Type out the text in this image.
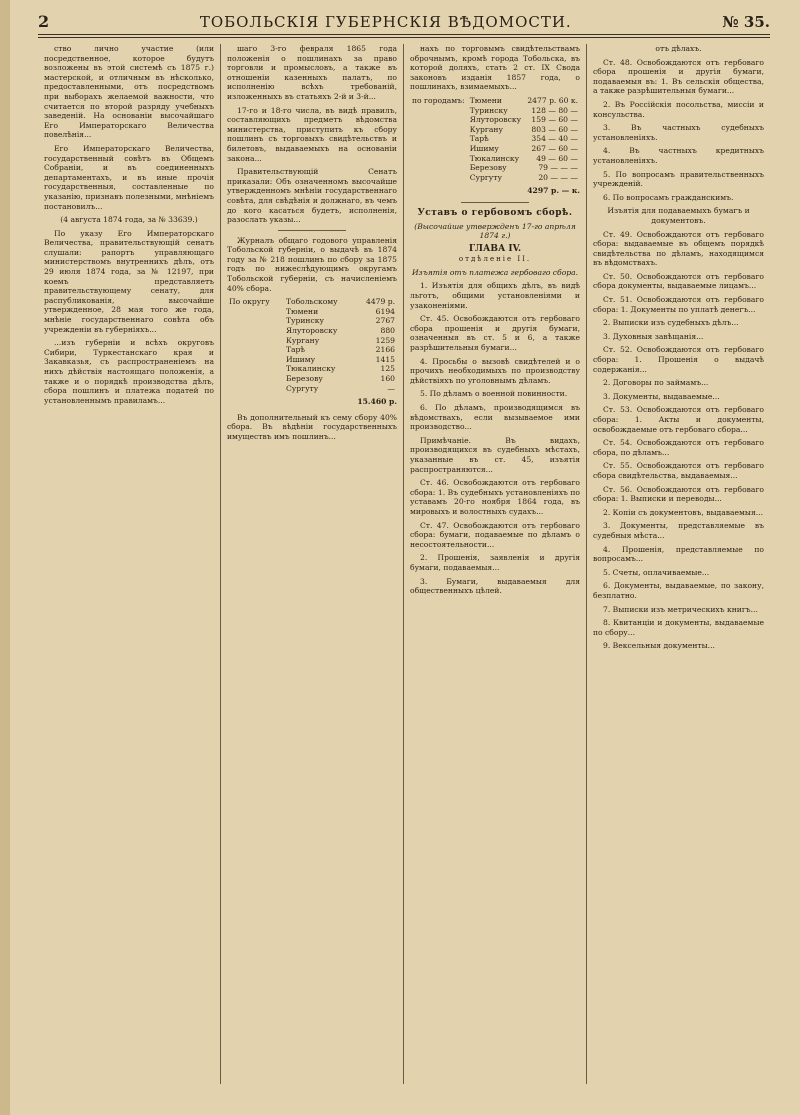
2	ТОБОЛЬСКІЯ ГУБЕРНСКІЯ ВѢДОМОСТИ.	№ 35.

ство лично участие (или посредственное, которое будутъ возложены въ этой системѣ съ 1875 г.) мастерской, и отличным въ нѣсколько, предоставленными, отъ посредствомъ при выборахъ желаемой важности, что считается по второй разряду учебныхъ заведеній. На основаніи высочайшаго Его Императорскаго Величества повелѣнія...

Его Императорскаго Величества, государственный совѣтъ въ Общемъ Собраніи, и въ соединенныхъ департаментахъ, и въ иные прочія государственныя, составленные по указанію, признавъ полезными, мнѣніемъ постановилъ...

(4 августа 1874 года, за № 33639.)

По указу Его Императорскаго Величества, правительствующій сенатъ слушали: рапортъ управляющаго министерствомъ внутреннихъ дѣлъ, отъ 29 июля 1874 года, за № 12197, при коемъ представляетъ правительствующему сенату, для распубликованія, высочайше утвержденное, 28 мая того же года, мнѣніе государственнаго совѣта объ учрежденіи въ губерніяхъ...

...изъ губерніи и всѣхъ округовъ Сибири, Туркестанскаго края и Закавказья, съ распространеніемъ на нихъ дѣйствія настоящаго положенія, а также и о порядкѣ производства дѣлъ, сбора пошлинъ и платежа податей по установленнымъ правиламъ...

шаго 3-го февраля 1865 года положенія о пошлинахъ за право торговли и промысловъ, а также въ отношеніи казенныхъ палатъ, по исполненію всѣхъ требованій, изложенныхъ въ статьяхъ 2-й и 3-й...

17-го и 18-го числа, въ видѣ правилъ, составляющихъ предметъ вѣдомства министерства, приступить къ сбору пошлинъ съ торговыхъ свидѣтельствъ и билетовъ, выдаваемыхъ на основаніи закона...

Правительствующій Сенатъ приказали: Объ означенномъ высочайше утвержденномъ мнѣніи государственнаго совѣта, для свѣдѣнія и должнаго, въ чемъ до кого касаться будетъ, исполненія, разослать указы...

Журналъ общаго годового управленія Тобольской губерніи, о выдачѣ въ 1874 году за № 218 пошлинъ по сбору за 1875 годъ по нижеслѣдующимъ округамъ Тобольской губерніи, съ начисленіемъ 40% сбора.

По округу	Тобольскому	4479 р.
	Тюмени	6194
	Туринску	2767
	Ялуторовску	880
	Кургану	1259
	Тарѣ	2166
	Ишиму	1415
	Тюкалинску	125
	Березову	160
	Сургуту	—
15.460 р.

Въ дополнительный къ сему сбору 40% сбора. Въ вѣдѣніи государственныхъ имуществъ имъ пошлинъ...

нахъ по торговымъ свидѣтельствамъ оброчнымъ, кромѣ города Тобольска, въ которой доляхъ, стать 2 ст. IX Свода законовъ изданія 1857 года, о пошлинахъ, взимаемыхъ...

по городамъ:	Тюмени	2477 р. 60 к.
	Туринску	128 — 80 —
	Ялуторовску	159 — 60 —
	Кургану	803 — 60 —
	Тарѣ	354 — 40 —
	Ишиму	267 — 60 —
	Тюкалинску	49 — 60 —
	Березову	79 — — —
	Сургуту	20 — — —
4297 р. — к.
Уставъ о гербовомъ сборѣ.
(Высочайше утвержденъ 17-го апрѣля 1874 г.)
ГЛАВА IV.
отдѣленіе II.
Изъятія отъ платежа гербоваго сбора.

1. Изъятія для общихъ дѣлъ, въ видѣ льготъ, общими установленіями и узаконеніями.

Ст. 45. Освобождаются отъ гербоваго сбора прошенія и другія бумаги, означенныя въ ст. 5 и 6, а также разрѣшительныя бумаги...

4. Просьбы о вызовѣ свидѣтелей и о прочихъ необходимыхъ по производству дѣйствіяхъ по уголовнымъ дѣламъ.

5. По дѣламъ о военной повинности.

6. По дѣламъ, производящимся въ вѣдомствахъ, если вызываемое ими производство...

Примѣчаніе. Въ видахъ, производящихся въ судебныхъ мѣстахъ, указанные въ ст. 45, изъятія распространяются...

Ст. 46. Освобождаются отъ гербоваго сбора: 1. Въ судебныхъ установленіяхъ по уставамъ 20-го ноября 1864 года, въ мировыхъ и волостныхъ судахъ...

Ст. 47. Освобождаются отъ гербоваго сбора: бумаги, подаваемые по дѣламъ о несостоятельности...

2. Прошенія, заявленія и другія бумаги, подаваемыя...

3. Бумаги, выдаваемыя для общественныхъ цѣлей.

отъ дѣлахъ.

Ст. 48. Освобождаются отъ гербоваго сбора прошенія и другія бумаги, подаваемыя въ: 1. Въ сельскія общества, а также разрѣшительныя бумаги...

2. Въ Россійскія посольства, миссіи и консульства.

3. Въ частныхъ судебныхъ установленіяхъ.

4. Въ частныхъ кредитныхъ установленіяхъ.

5. По вопросамъ правительственныхъ учрежденій.

6. По вопросамъ гражданскимъ.

Изъятія для подаваемыхъ бумагъ и документовъ.

Ст. 49. Освобождаются отъ гербоваго сбора: выдаваемые въ общемъ порядкѣ свидѣтельства по дѣламъ, находящимся въ вѣдомствахъ.

Ст. 50. Освобождаются отъ гербоваго сбора документы, выдаваемые лицамъ...

Ст. 51. Освобождаются отъ гербоваго сбора: 1. Документы по уплатѣ денегъ...

2. Выписки изъ судебныхъ дѣлъ...

3. Духовныя завѣщанія...

Ст. 52. Освобождаются отъ гербоваго сбора: 1. Прошенія о выдачѣ содержанія...

2. Договоры по займамъ...

3. Документы, выдаваемые...

Ст. 53. Освобождаются отъ гербоваго сбора: 1. Акты и документы, освобождаемые отъ гербоваго сбора...

Ст. 54. Освобождаются отъ гербоваго сбора, по дѣламъ...

Ст. 55. Освобождаются отъ гербоваго сбора свидѣтельства, выдаваемыя...

Ст. 56. Освобождаются отъ гербоваго сбора: 1. Выписки и переводы...

2. Копіи съ документовъ, выдаваемыя...

3. Документы, представляемые въ судебныя мѣста...

4. Прошенія, представляемые по вопросамъ...

5. Счеты, оплачиваемые...

6. Документы, выдаваемые, по закону, безплатно.

7. Выписки изъ метрическихъ книгъ...

8. Квитанціи и документы, выдаваемые по сбору...

9. Вексельныя документы...
